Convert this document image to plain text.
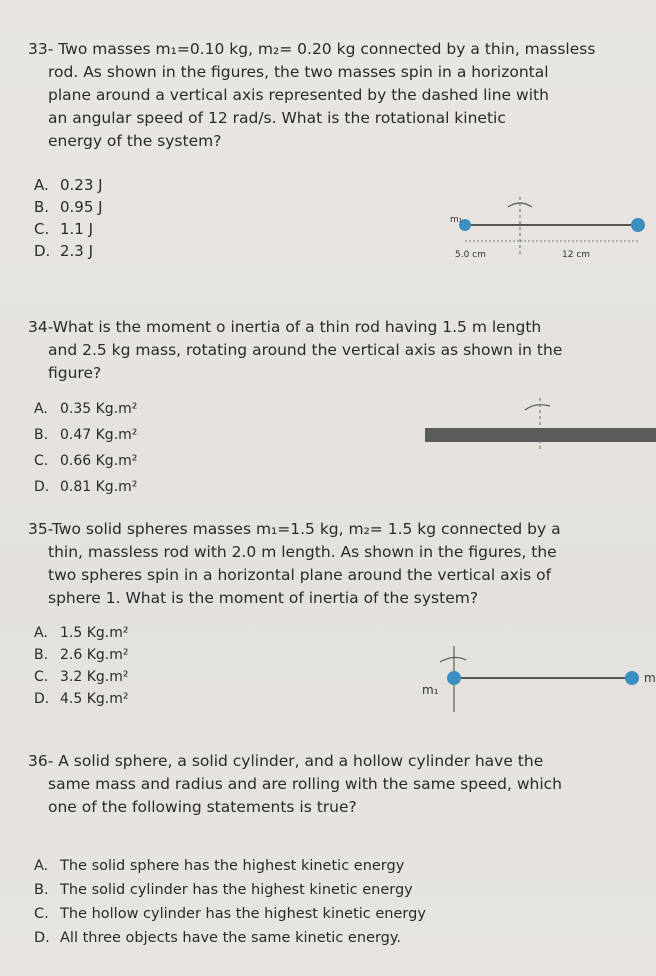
33- Two masses m₁=0.10 kg, m₂= 0.20 kg connected by a thin, massless
rod. As shown in the figures, the two masses spin in a horizontal
plane around a vertical axis represented by the dashed line with
an angular speed of 12 rad/s. What is the rotational kinetic
energy of the system?

A. 0.23 J
B. 0.95 J
C. 1.1 J
D. 2.3 J
m₁
5.0 cm	12 cm

34-What is the moment o inertia of a thin rod having 1.5 m length
and 2.5 kg mass, rotating around the vertical axis as shown in the
figure?

A. 0.35 Kg.m²
B. 0.47 Kg.m²
C. 0.66 Kg.m²
D. 0.81 Kg.m²

35-Two solid spheres masses m₁=1.5 kg, m₂= 1.5 kg connected by a
thin, massless rod with 2.0 m length. As shown in the figures, the
two spheres spin in a horizontal plane around the vertical axis of
sphere 1. What is the moment of inertia of the system?

A. 1.5 Kg.m²
B. 2.6 Kg.m²
C. 3.2 Kg.m²
D. 4.5 Kg.m²
m₁
m

36- A solid sphere, a solid cylinder, and a hollow cylinder have the
same mass and radius and are rolling with the same speed, which
one of the following statements is true?

A. The solid sphere has the highest kinetic energy
B. The solid cylinder has the highest kinetic energy
C. The hollow cylinder has the highest kinetic energy
D. All three objects have the same kinetic energy.
